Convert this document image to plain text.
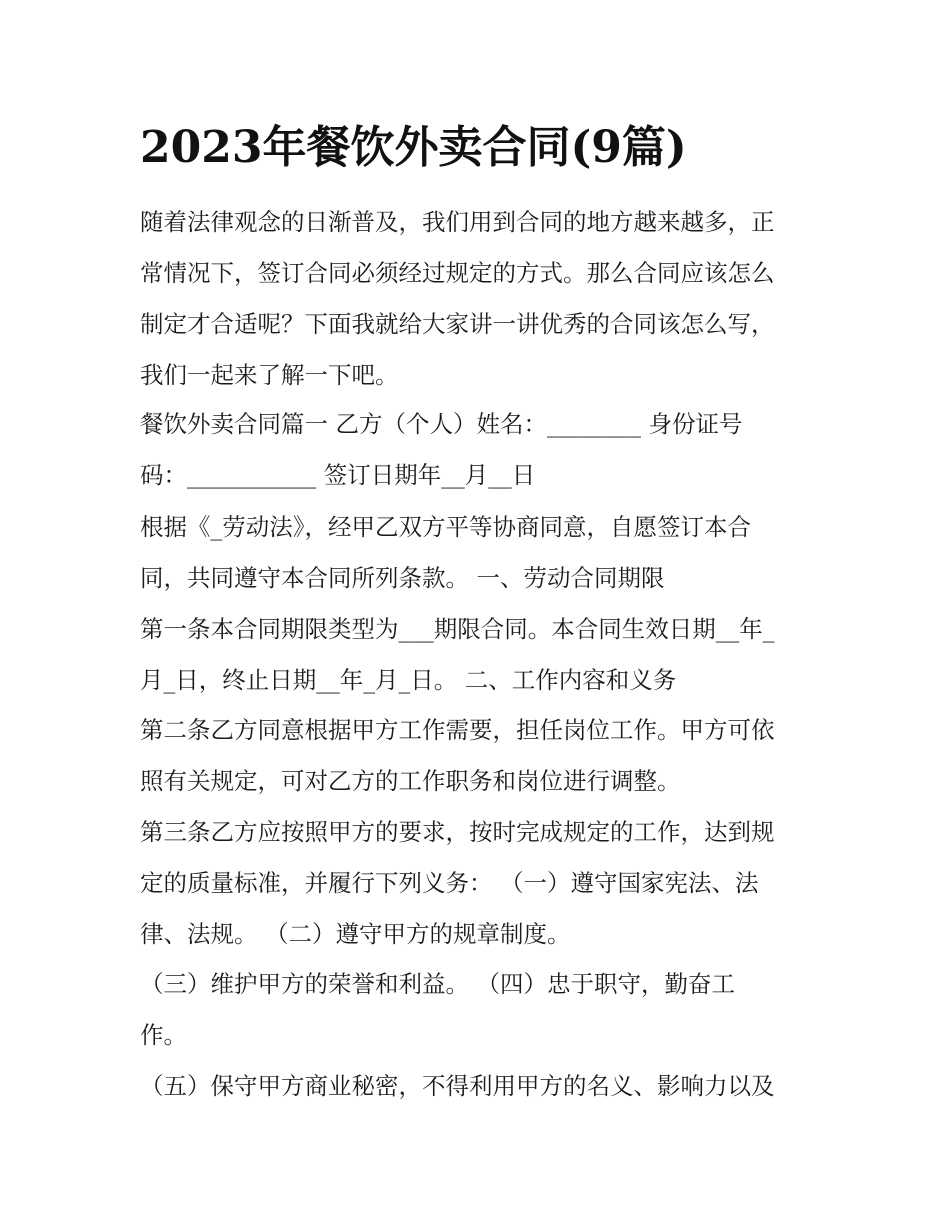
2023年餐饮外卖合同(9篇)

随着法律观念的日渐普及，我们用到合同的地方越来越多，正

常情况下，签订合同必须经过规定的方式。那么合同应该怎么

制定才合适呢？下面我就给大家讲一讲优秀的合同该怎么写，

我们一起来了解一下吧。

餐饮外卖合同篇一 乙方（个人）姓名：________ 身份证号

码：___________ 签订日期年__月__日

根据《_劳动法》，经甲乙双方平等协商同意，自愿签订本合

同，共同遵守本合同所列条款。 一、劳动合同期限

第一条本合同期限类型为___期限合同。本合同生效日期__年_

月_日，终止日期__年_月_日。 二、工作内容和义务

第二条乙方同意根据甲方工作需要，担任岗位工作。甲方可依

照有关规定，可对乙方的工作职务和岗位进行调整。

第三条乙方应按照甲方的要求，按时完成规定的工作，达到规

定的质量标准，并履行下列义务： （一）遵守国家宪法、法

律、法规。 （二）遵守甲方的规章制度。

（三）维护甲方的荣誉和利益。 （四）忠于职守，勤奋工

作。

（五）保守甲方商业秘密，不得利用甲方的名义、影响力以及
